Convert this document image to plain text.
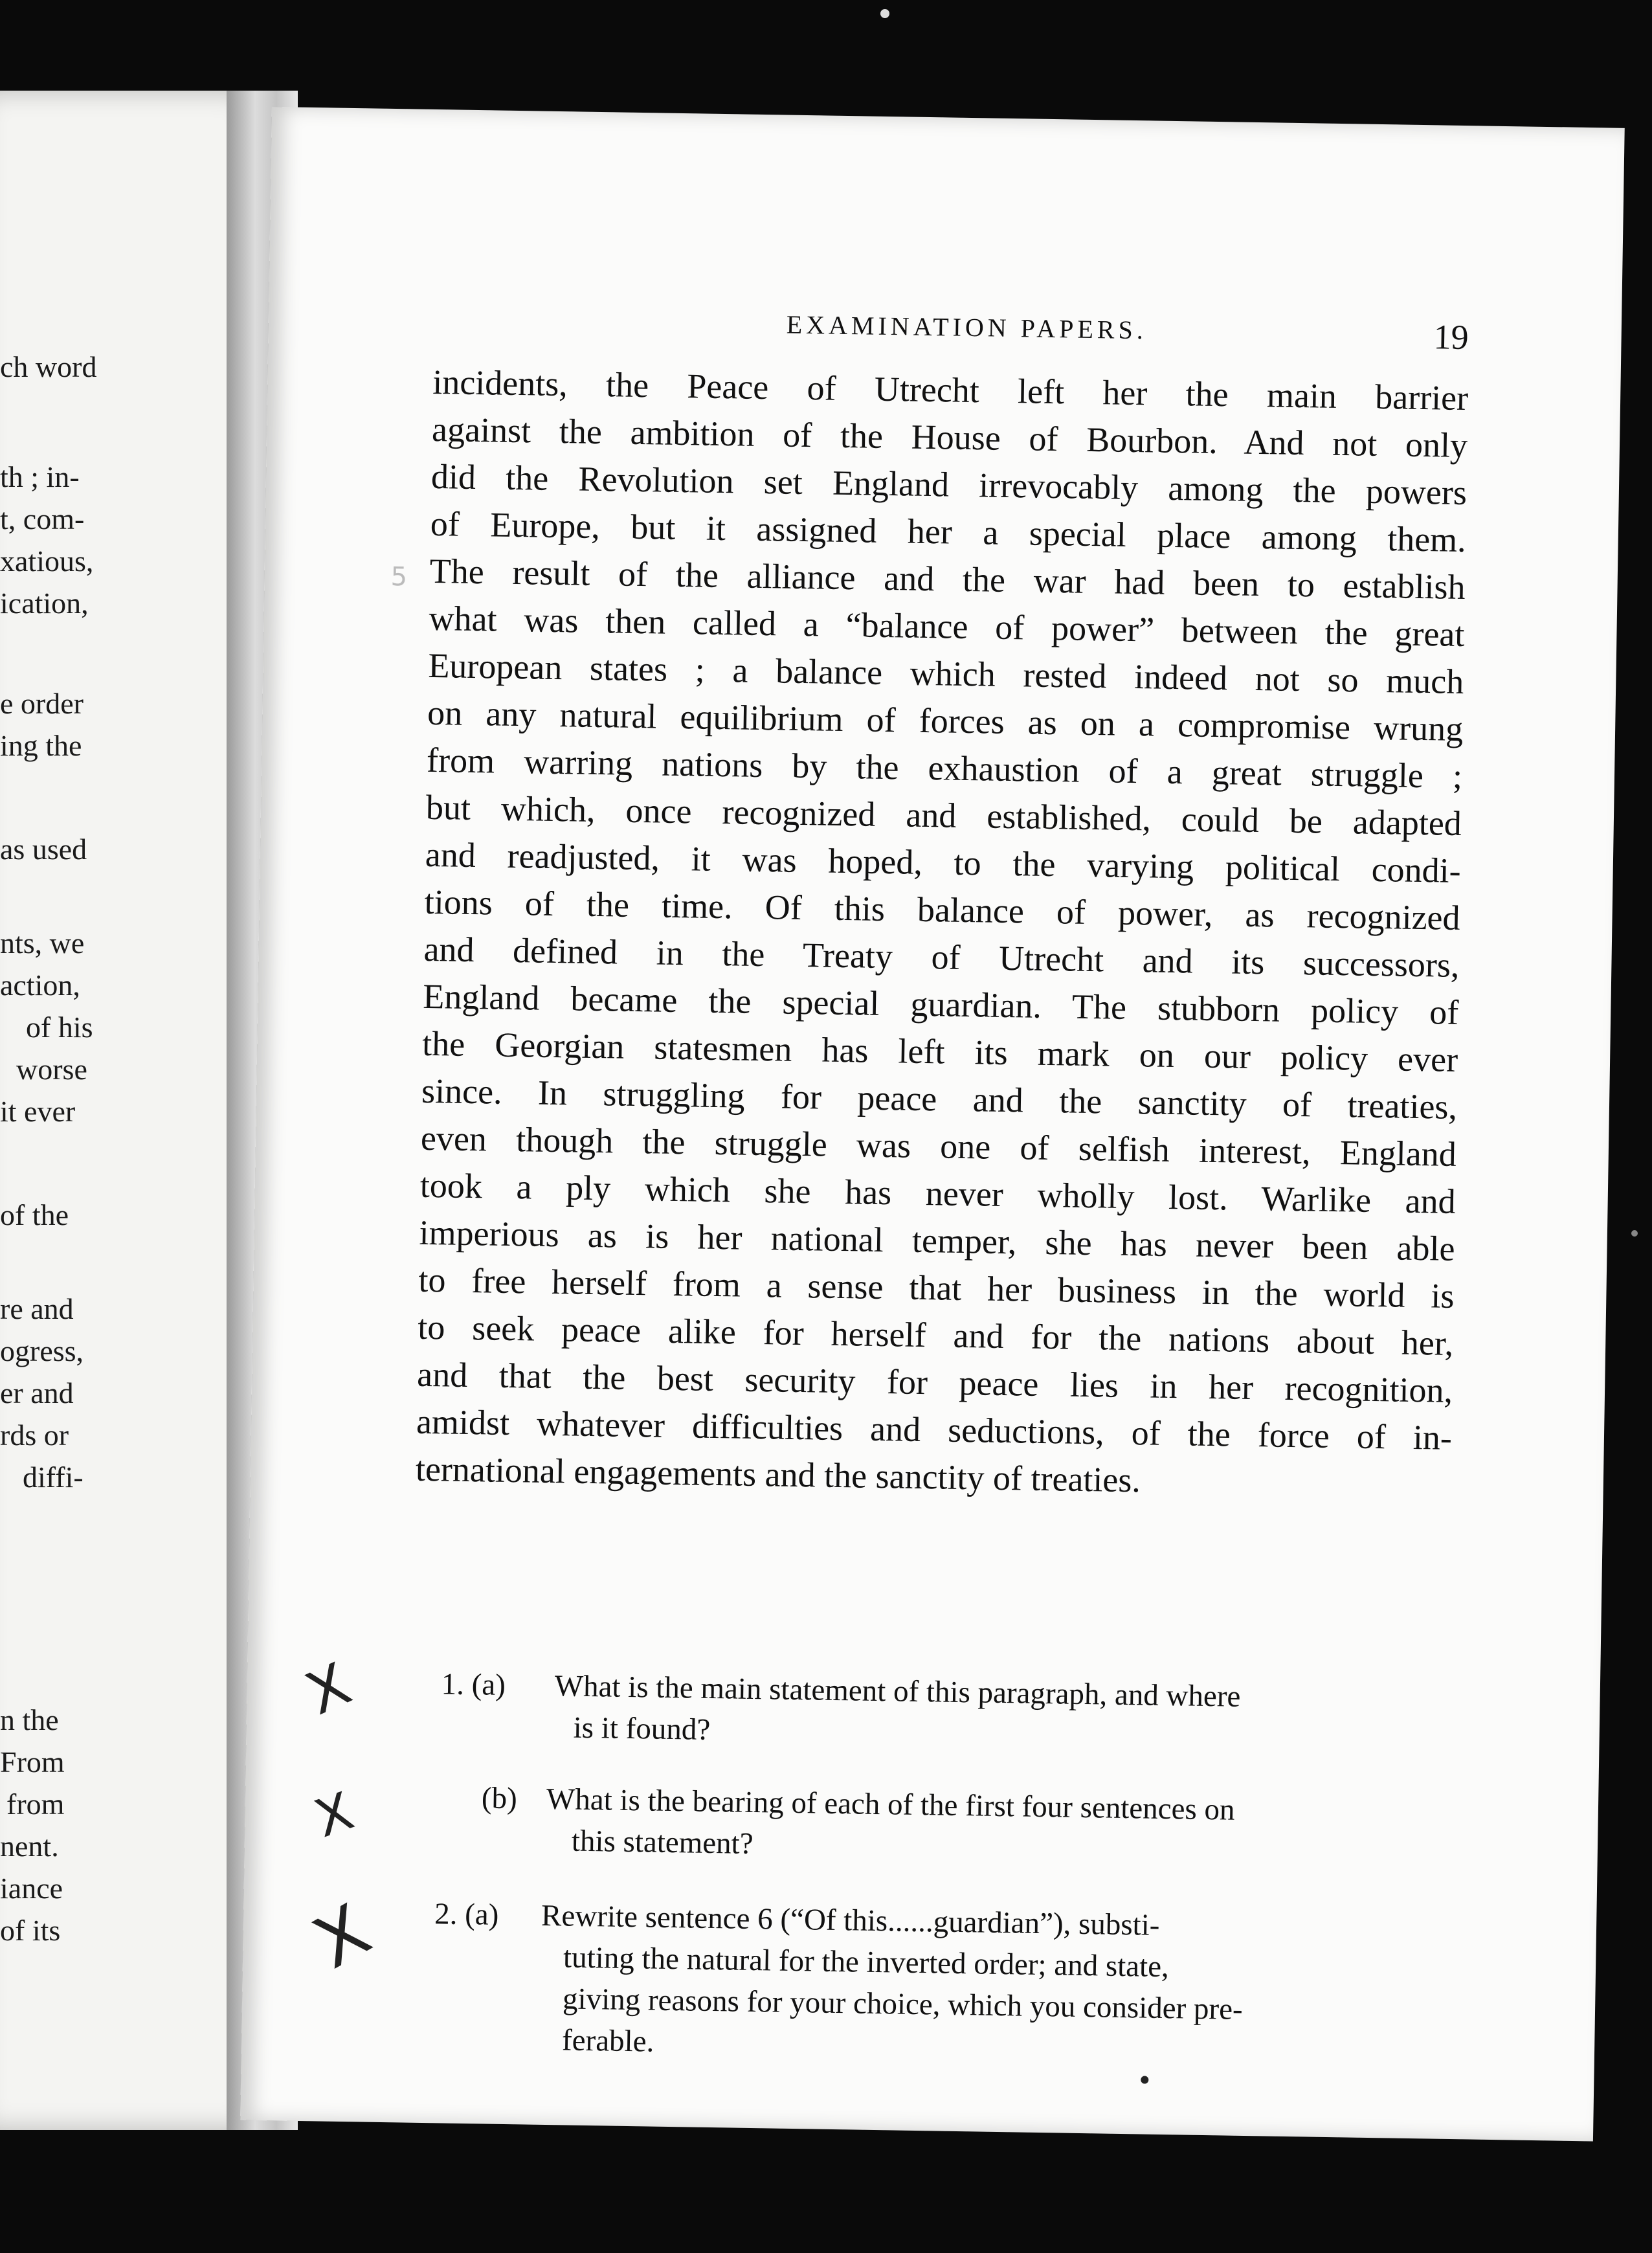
ch word
th ; in-
t, com-
xatious,
ication,
e order
ing the
as used
nts, we
action,
of his
worse
it ever
of the
re and
ogress,
er and
rds or
diffi-
n the
From
from
nent.
iance
of its
EXAMINATION PAPERS.	19
incidents, the Peace of Utrecht left her the main barrier
against the ambition of the House of Bourbon. And not only
did the Revolution set England irrevocably among the powers
of Europe, but it assigned her a special place among them.
The result of the alliance and the war had been to establish
what was then called a “balance of power” between the great
European states ; a balance which rested indeed not so much
on any natural equilibrium of forces as on a compromise wrung
from warring nations by the exhaustion of a great struggle ;
but which, once recognized and established, could be adapted
and readjusted, it was hoped, to the varying political condi-
tions of the time. Of this balance of power, as recognized
and defined in the Treaty of Utrecht and its successors,
England became the special guardian. The stubborn policy of
the Georgian statesmen has left its mark on our policy ever
since. In struggling for peace and the sanctity of treaties,
even though the struggle was one of selfish interest, England
took a ply which she has never wholly lost. Warlike and
imperious as is her national temper, she has never been able
to free herself from a sense that her business in the world is
to seek peace alike for herself and for the nations about her,
and that the best security for peace lies in her recognition,
amidst whatever difficulties and seductions, of the force of in-
ternational engagements and the sanctity of treaties.
1. (a) What is the main statement of this paragraph, and where
is it found?
(b) What is the bearing of each of the first four sentences on
this statement?
2. (a) Rewrite sentence 6 (“Of this......guardian”), substi-
tuting the natural for the inverted order; and state,
giving reasons for your choice, which you consider pre-
ferable.
5
X
X
X
